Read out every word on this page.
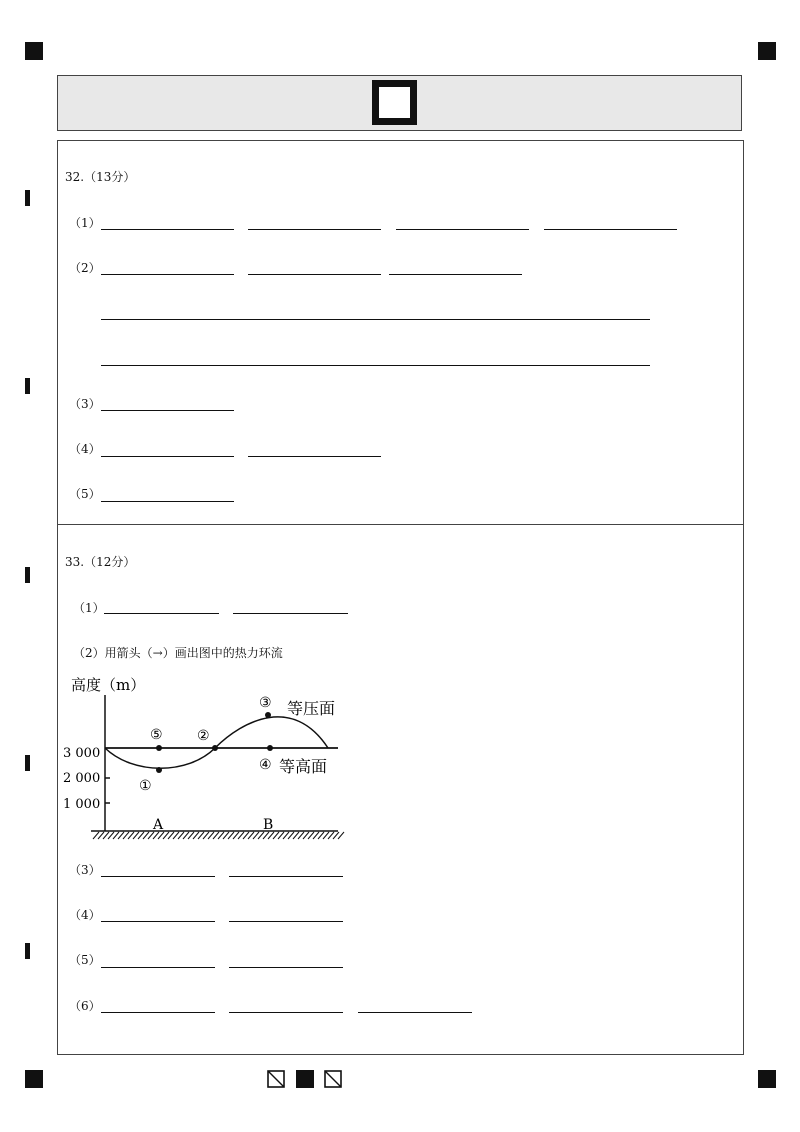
32.（13分）
（1）
（2）
（3）
（4）
（5）
33.（12分）
（1）
（2）用箭头（→）画出图中的热力环流
高度（m）
3 000
2 000
1 000
①
②
③
④
⑤
等压面
等高面
A	B
（3）
（4）
（5）
（6）
